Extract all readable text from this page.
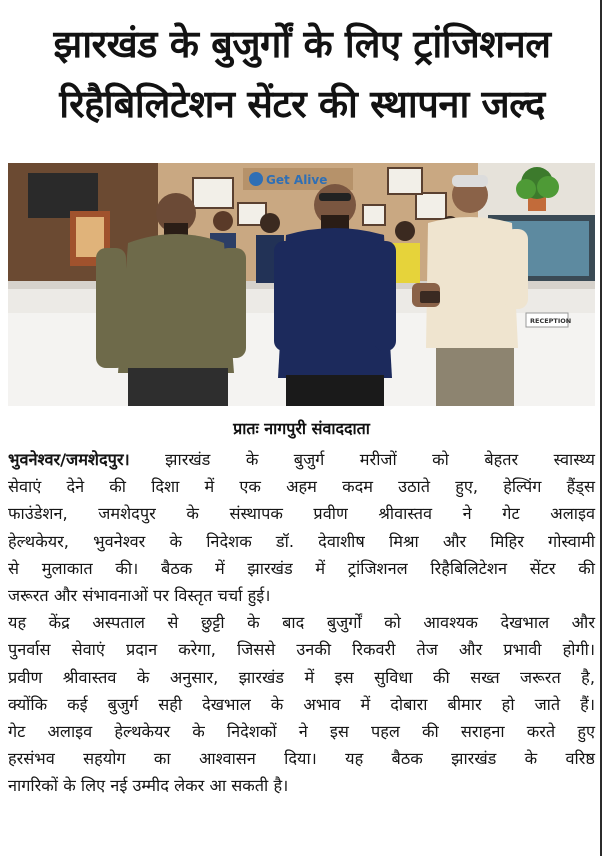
झारखंड के बुजुर्गों के लिए ट्रांजिशनल
रिहैबिलिटेशन सेंटर की स्थापना जल्द
Get Alive
RECEPTION
प्रातः नागपुरी संवाददाता

भुवनेश्वर/जमशेदपुर। झारखंड के बुजुर्ग मरीजों को बेहतर स्वास्थ्य
सेवाएं देने की दिशा में एक अहम कदम उठाते हुए, हेल्पिंग हैंड्स
फाउंडेशन, जमशेदपुर के संस्थापक प्रवीण श्रीवास्तव ने गेट अलाइव
हेल्थकेयर, भुवनेश्वर के निदेशक डॉ. देवाशीष मिश्रा और मिहिर गोस्वामी
से मुलाकात की। बैठक में झारखंड में ट्रांजिशनल रिहैबिलिटेशन सेंटर की
जरूरत और संभावनाओं पर विस्तृत चर्चा हुई।

यह केंद्र अस्पताल से छुट्टी के बाद बुजुर्गों को आवश्यक देखभाल और
पुनर्वास सेवाएं प्रदान करेगा, जिससे उनकी रिकवरी तेज और प्रभावी होगी।
प्रवीण श्रीवास्तव के अनुसार, झारखंड में इस सुविधा की सख्त जरूरत है,
क्योंकि कई बुजुर्ग सही देखभाल के अभाव में दोबारा बीमार हो जाते हैं।
गेट अलाइव हेल्थकेयर के निदेशकों ने इस पहल की सराहना करते हुए
हरसंभव सहयोग का आश्वासन दिया। यह बैठक झारखंड के वरिष्ठ
नागरिकों के लिए नई उम्मीद लेकर आ सकती है।
